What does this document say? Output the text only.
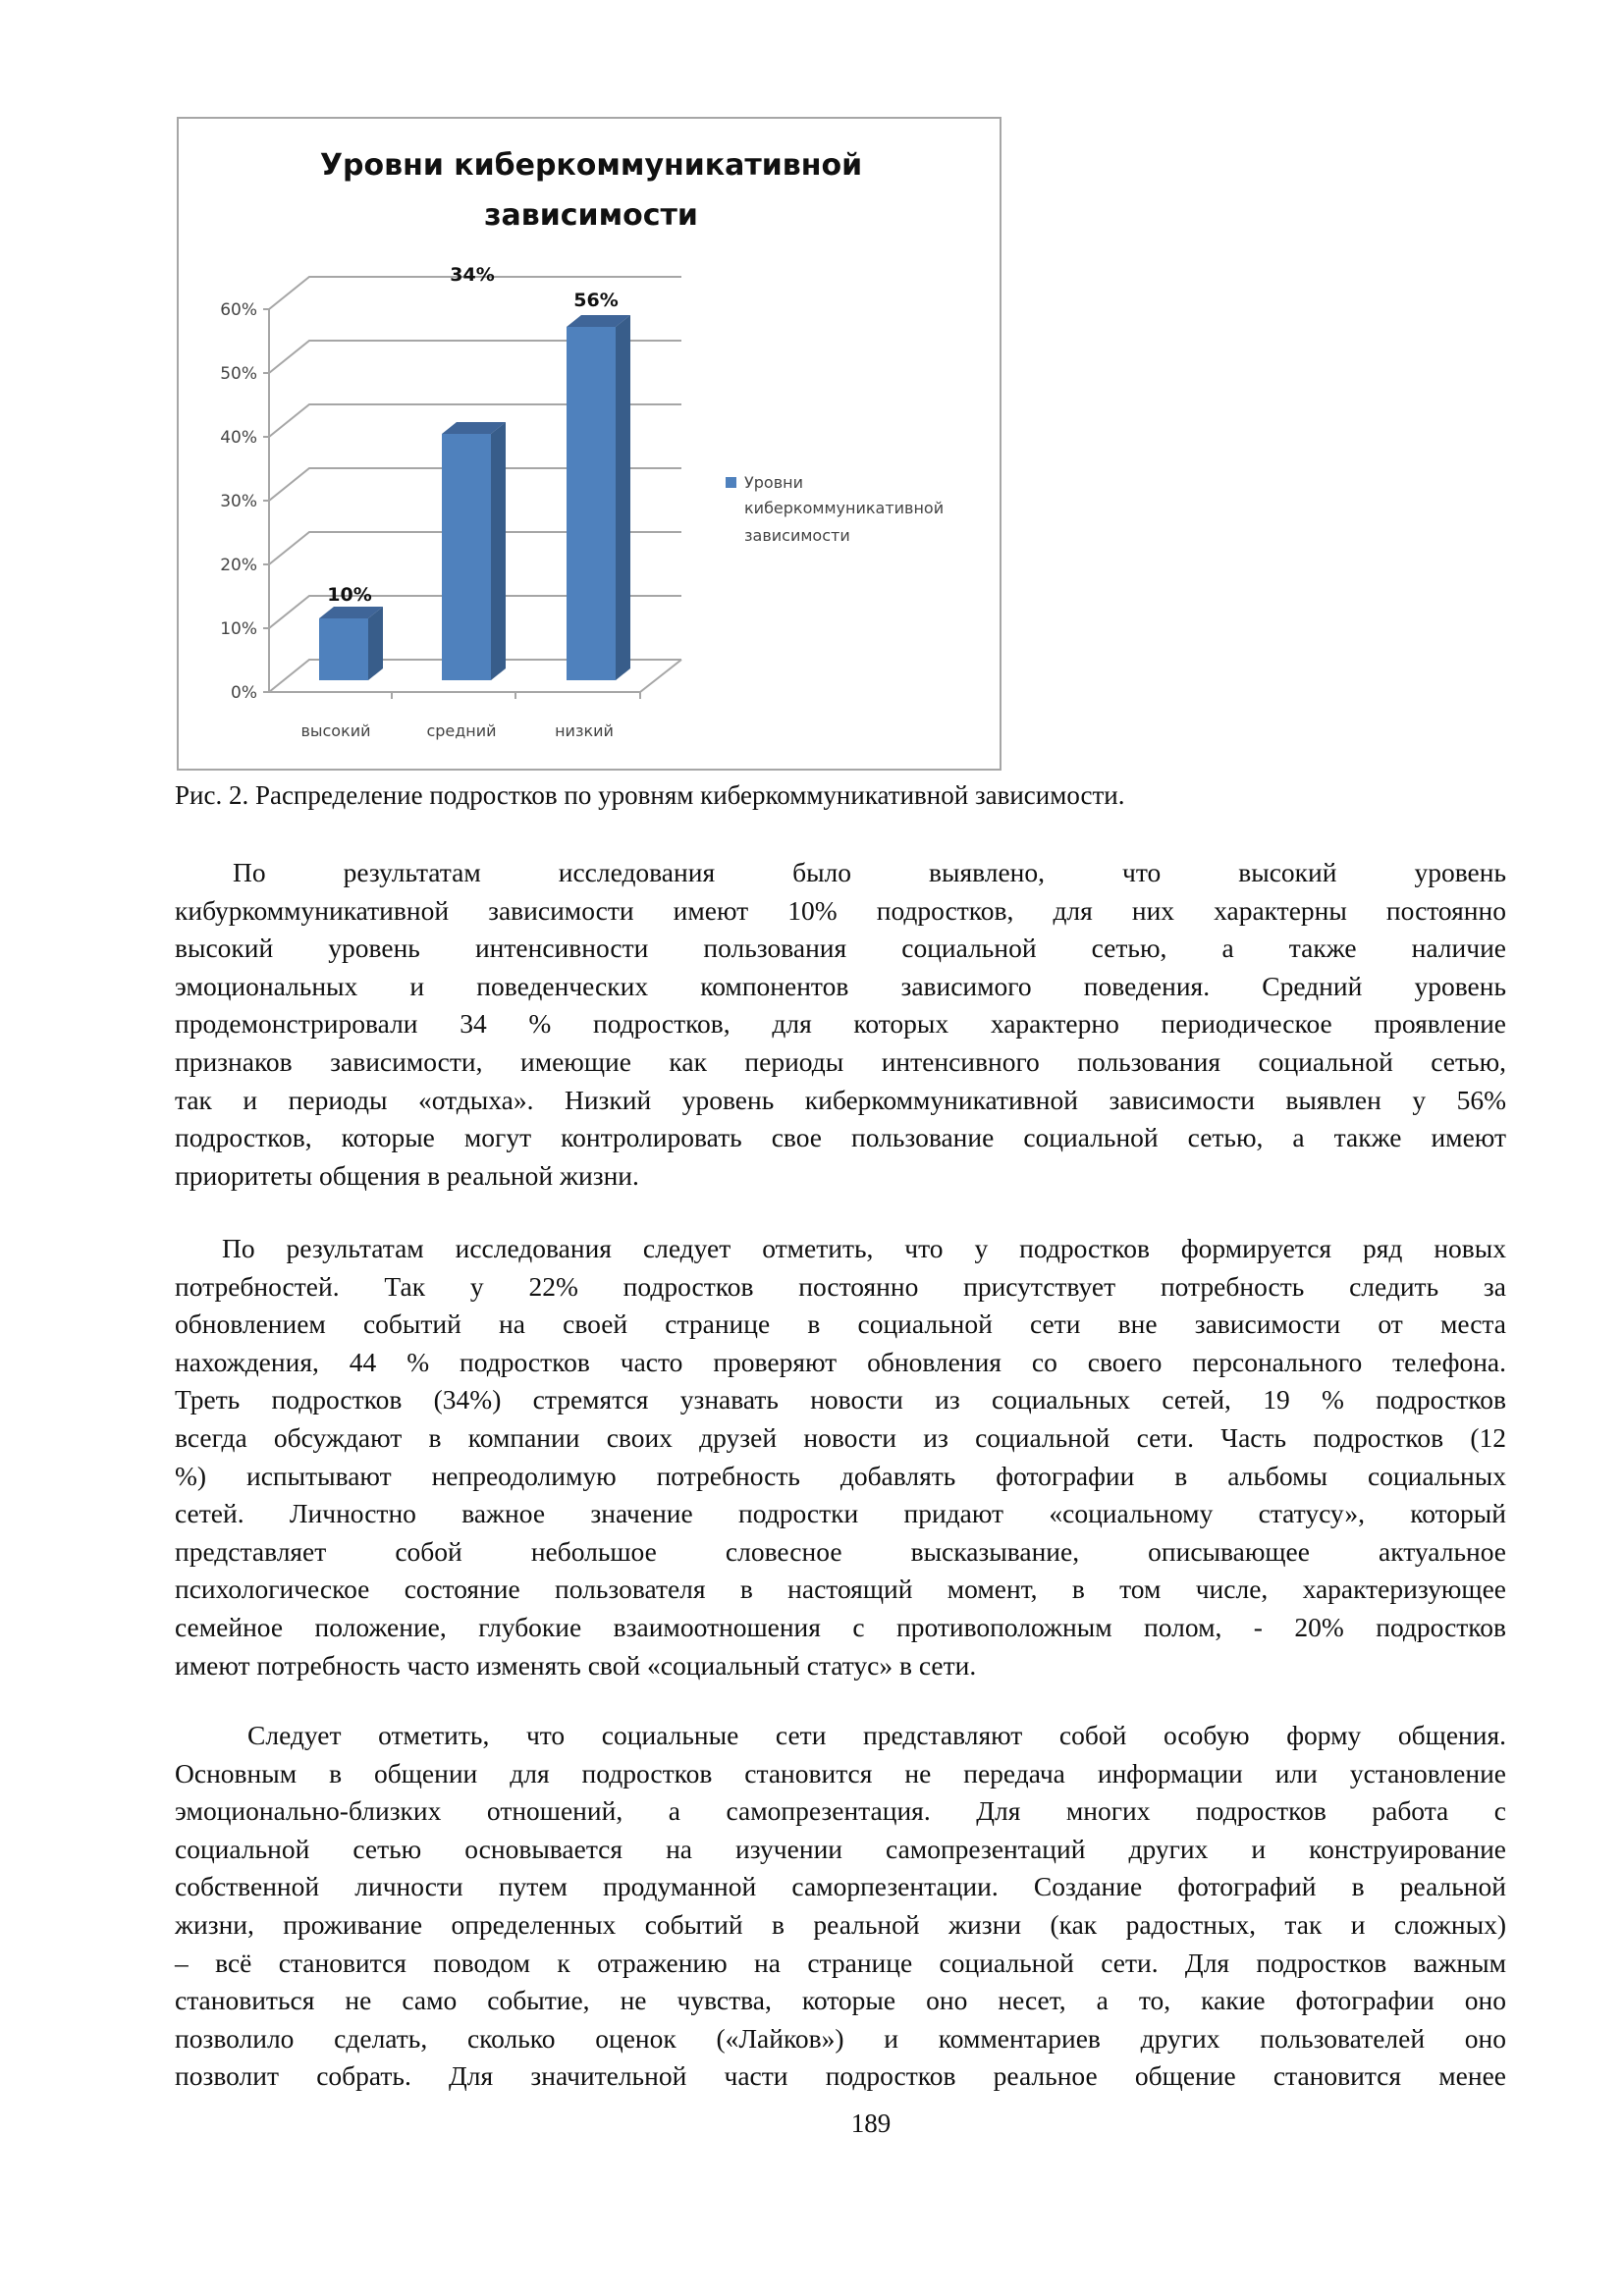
Уровни киберкоммуникативной
зависимости
60%
50%
40%
30%
20%
10%
0%
10%
34%
56%
высокий	средний	низкий
Уровни
киберкоммуникативной
зависимости
Рис. 2. Распределение подростков по уровням киберкоммуникативной зависимости.
По результатам исследования было выявлено, что высокий уровень
кибуркоммуникативной зависимости имеют 10% подростков, для них характерны постоянно
высокий уровень интенсивности пользования социальной сетью, а также наличие
эмоциональных и поведенческих компонентов зависимого поведения. Средний уровень
продемонстрировали 34 % подростков, для которых характерно периодическое проявление
признаков зависимости, имеющие как периоды интенсивного пользования социальной сетью,
так и периоды «отдыха». Низкий уровень киберкоммуникативной зависимости выявлен у 56%
подростков, которые могут контролировать свое пользование социальной сетью, а также имеют
приоритеты общения в реальной жизни.
По результатам исследования следует отметить, что у подростков формируется ряд новых
потребностей. Так у 22% подростков постоянно присутствует потребность следить за
обновлением событий на своей странице в социальной сети вне зависимости от места
нахождения, 44 % подростков часто проверяют обновления со своего персонального телефона.
Треть подростков (34%) стремятся узнавать новости из социальных сетей, 19 % подростков
всегда обсуждают в компании своих друзей новости из социальной сети. Часть подростков (12
%) испытывают непреодолимую потребность добавлять фотографии в альбомы социальных
сетей. Личностно важное значение подростки придают «социальному статусу», который
представляет собой небольшое словесное высказывание, описывающее актуальное
психологическое состояние пользователя в настоящий момент, в том числе, характеризующее
семейное положение, глубокие взаимоотношения с противоположным полом, - 20% подростков
имеют потребность часто изменять свой «социальный статус» в сети.
Следует отметить, что социальные сети представляют собой особую форму общения.
Основным в общении для подростков становится не передача информации или установление
эмоционально-близких отношений, а самопрезентация. Для многих подростков работа с
социальной сетью основывается на изучении самопрезентаций других и конструирование
собственной личности путем продуманной саморпезентации. Создание фотографий в реальной
жизни, проживание определенных событий в реальной жизни (как радостных, так и сложных)
– всё становится поводом к отражению на странице социальной сети. Для подростков важным
становиться не само событие, не чувства, которые оно несет, а то, какие фотографии оно
позволило сделать, сколько оценок («Лайков») и комментариев других пользователей оно
позволит собрать. Для значительной части подростков реальное общение становится менее
189
